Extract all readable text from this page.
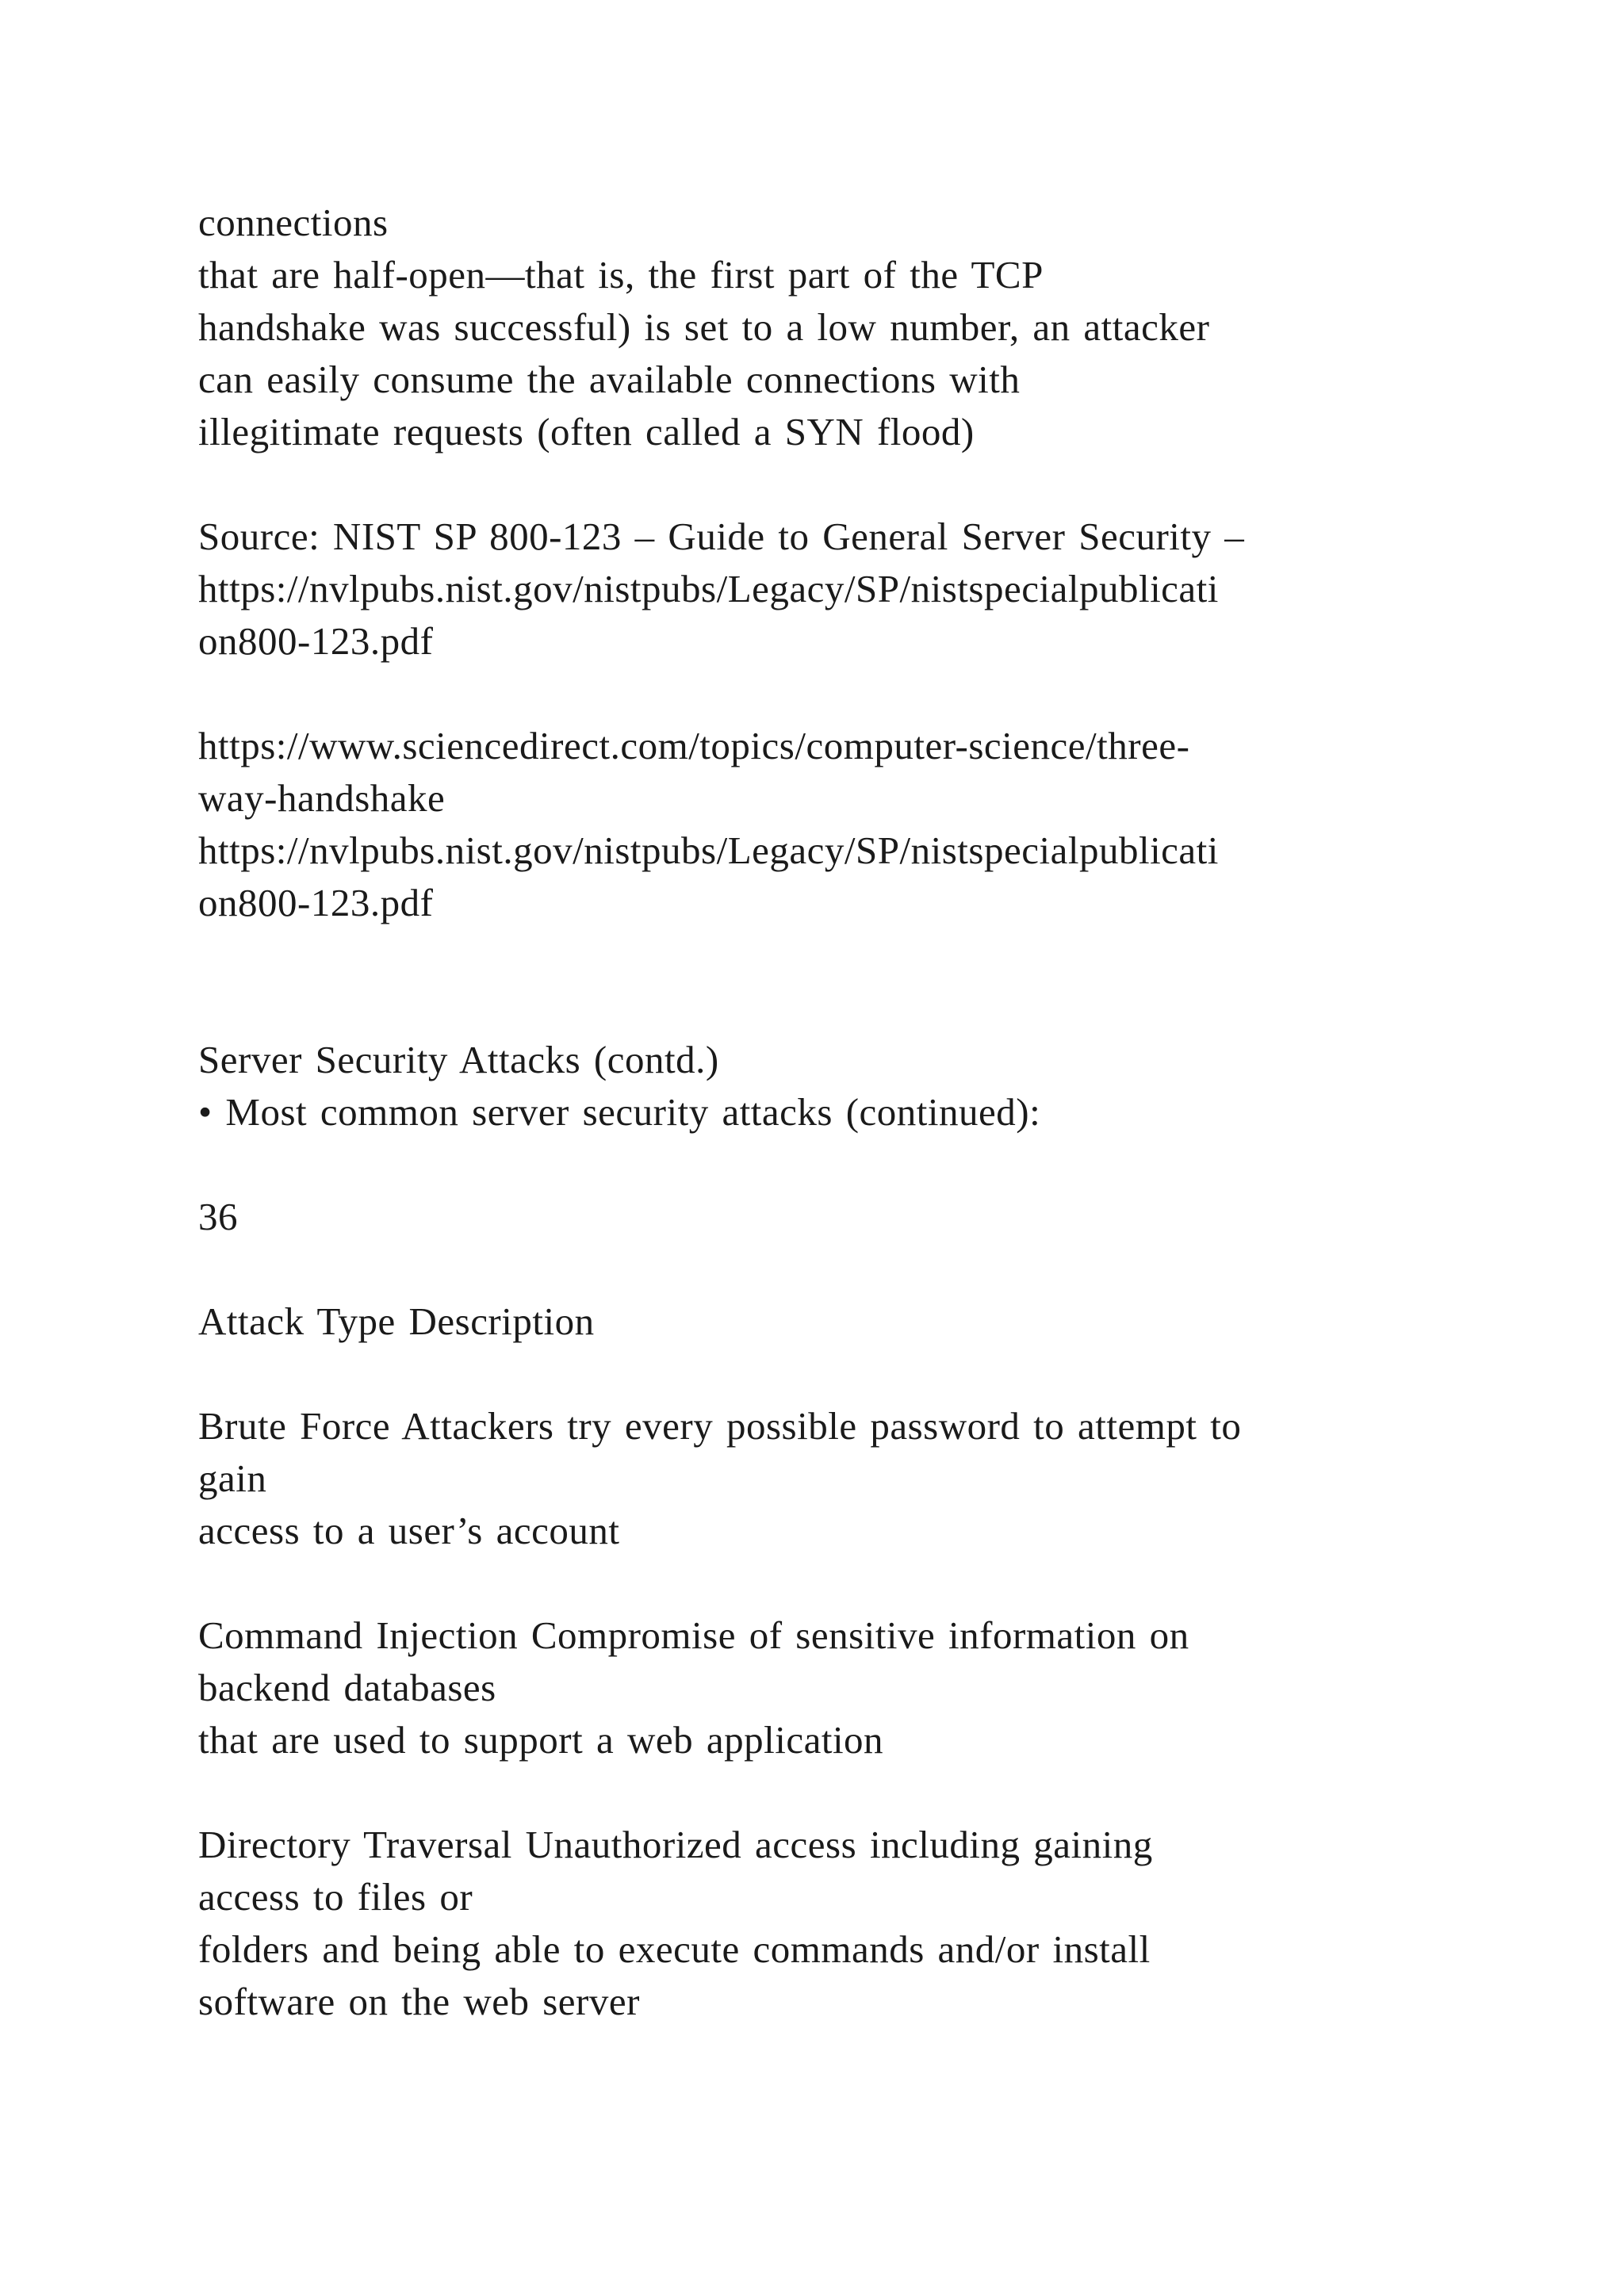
connections
that are half-open—that is, the first part of the TCP
handshake was successful) is set to a low number, an attacker
can easily consume the available connections with
illegitimate requests (often called a SYN flood)
Source: NIST SP 800-123 – Guide to General Server Security –
https://nvlpubs.nist.gov/nistpubs/Legacy/SP/nistspecialpublicati
on800-123.pdf
https://www.sciencedirect.com/topics/computer-science/three-
way-handshake
https://nvlpubs.nist.gov/nistpubs/Legacy/SP/nistspecialpublicati
on800-123.pdf
Server Security Attacks (contd.)
• Most common server security attacks (continued):
36
Attack Type Description
Brute Force Attackers try every possible password to attempt to
gain
access to a user’s account
Command Injection Compromise of sensitive information on
backend databases
that are used to support a web application
Directory Traversal Unauthorized access including gaining
access to files or
folders and being able to execute commands and/or install
software on the web server
